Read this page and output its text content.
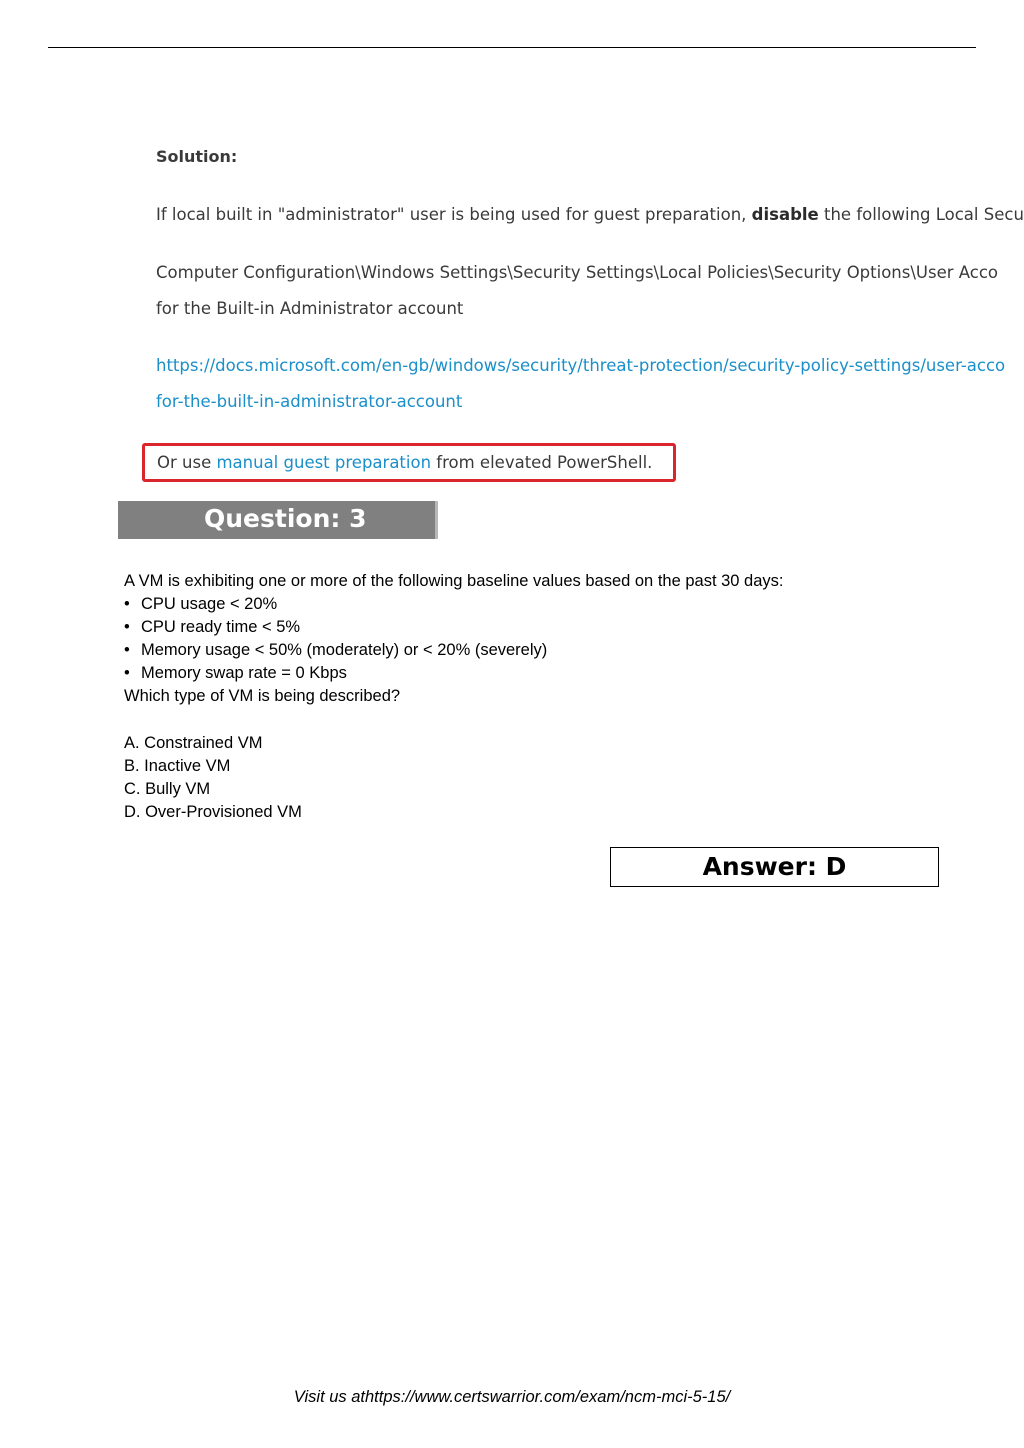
Solution:
If local built in "administrator" user is being used for guest preparation, disable the following Local Secu
Computer Configuration\Windows Settings\Security Settings\Local Policies\Security Options\User Acco
for the Built-in Administrator account
https://docs.microsoft.com/en-gb/windows/security/threat-protection/security-policy-settings/user-acco
for-the-built-in-administrator-account
Or use manual guest preparation from elevated PowerShell.
Question: 3
A VM is exhibiting one or more of the following baseline values based on the past 30 days:
• CPU usage < 20%
• CPU ready time < 5%
• Memory usage < 50% (moderately) or < 20% (severely)
• Memory swap rate = 0 Kbps
Which type of VM is being described?
A. Constrained VM
B. Inactive VM
C. Bully VM
D. Over-Provisioned VM
Answer: D
Visit us athttps://www.certswarrior.com/exam/ncm-mci-5-15/
